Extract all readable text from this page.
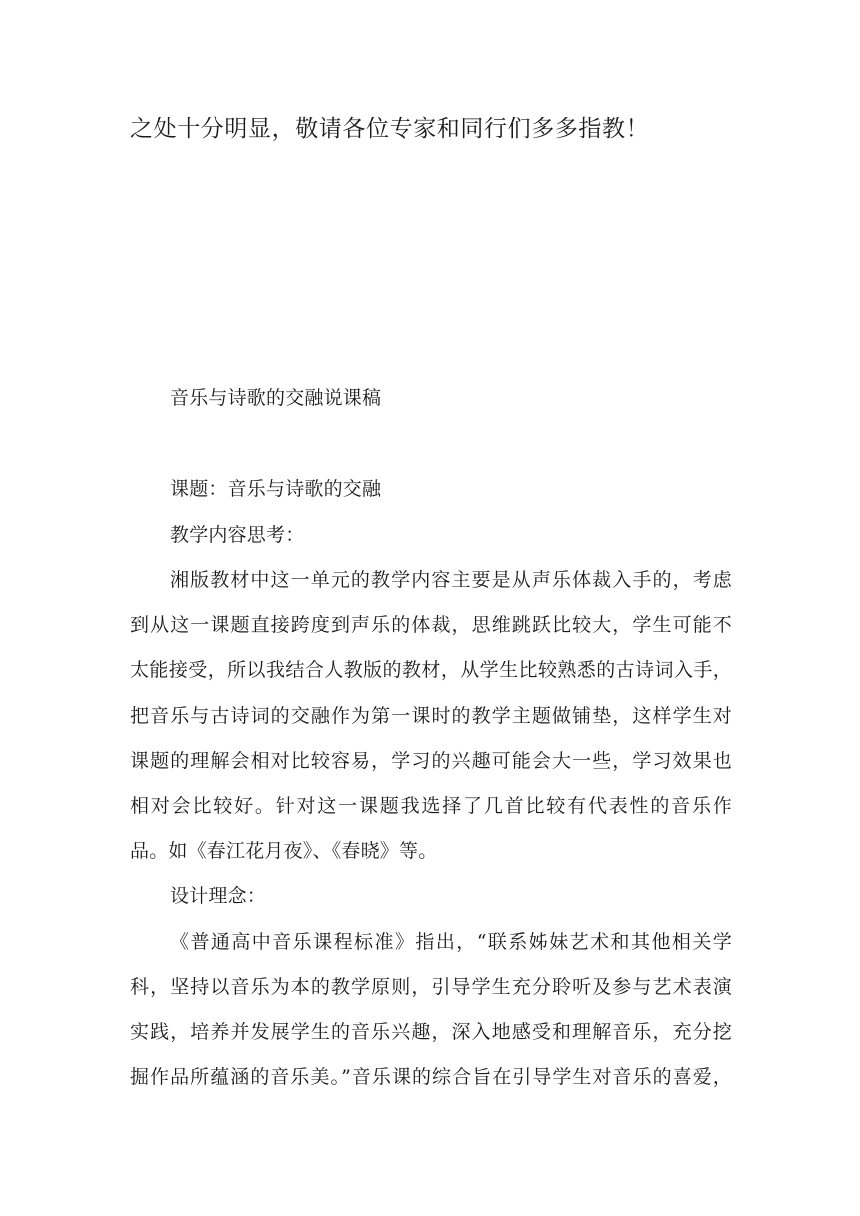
之处十分明显，敬请各位专家和同行们多多指教！

音乐与诗歌的交融说课稿

课题：音乐与诗歌的交融

教学内容思考：

湘版教材中这一单元的教学内容主要是从声乐体裁入手的，考虑

到从这一课题直接跨度到声乐的体裁，思维跳跃比较大，学生可能不

太能接受，所以我结合人教版的教材，从学生比较熟悉的古诗词入手，

把音乐与古诗词的交融作为第一课时的教学主题做铺垫，这样学生对

课题的理解会相对比较容易，学习的兴趣可能会大一些，学习效果也

相对会比较好。针对这一课题我选择了几首比较有代表性的音乐作

品。如《春江花月夜》、《春晓》等。

设计理念：

《普通高中音乐课程标准》指出，“联系姊妹艺术和其他相关学

科，坚持以音乐为本的教学原则，引导学生充分聆听及参与艺术表演

实践，培养并发展学生的音乐兴趣，深入地感受和理解音乐，充分挖

掘作品所蕴涵的音乐美。”音乐课的综合旨在引导学生对音乐的喜爱，
